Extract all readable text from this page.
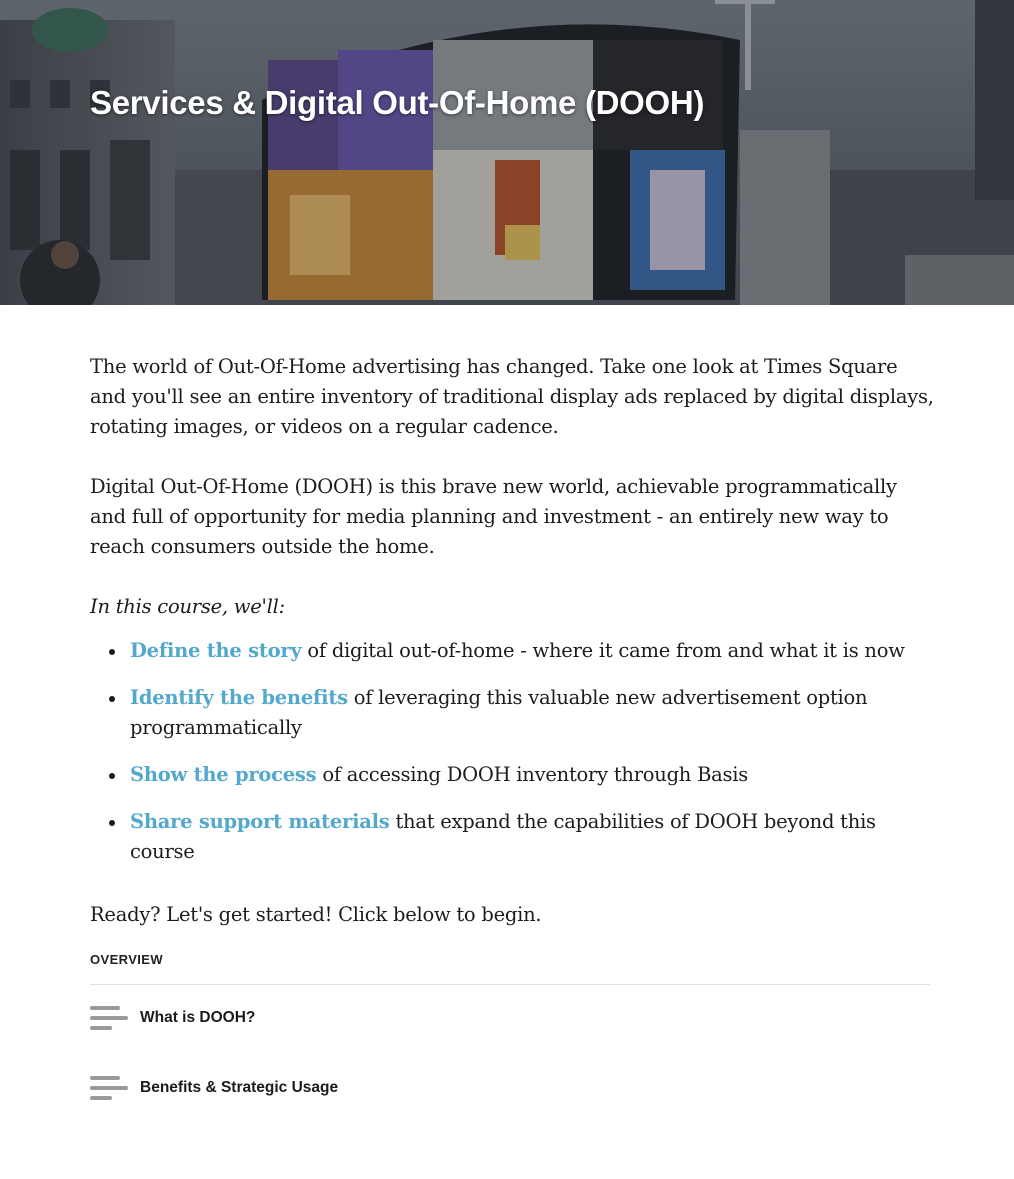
Services & Digital Out-Of-Home (DOOH)

The world of Out-Of-Home advertising has changed. Take one look at Times Square and you'll see an entire inventory of traditional display ads replaced by digital displays, rotating images, or videos on a regular cadence.

Digital Out-Of-Home (DOOH) is this brave new world, achievable programmatically and full of opportunity for media planning and investment - an entirely new way to reach consumers outside the home.

In this course, we'll:

Define the story of digital out-of-home - where it came from and what it is now
Identify the benefits of leveraging this valuable new advertisement option programmatically
Show the process of accessing DOOH inventory through Basis
Share support materials that expand the capabilities of DOOH beyond this course

Ready? Let's get started! Click below to begin.

OVERVIEW
What is DOOH?
Benefits & Strategic Usage
